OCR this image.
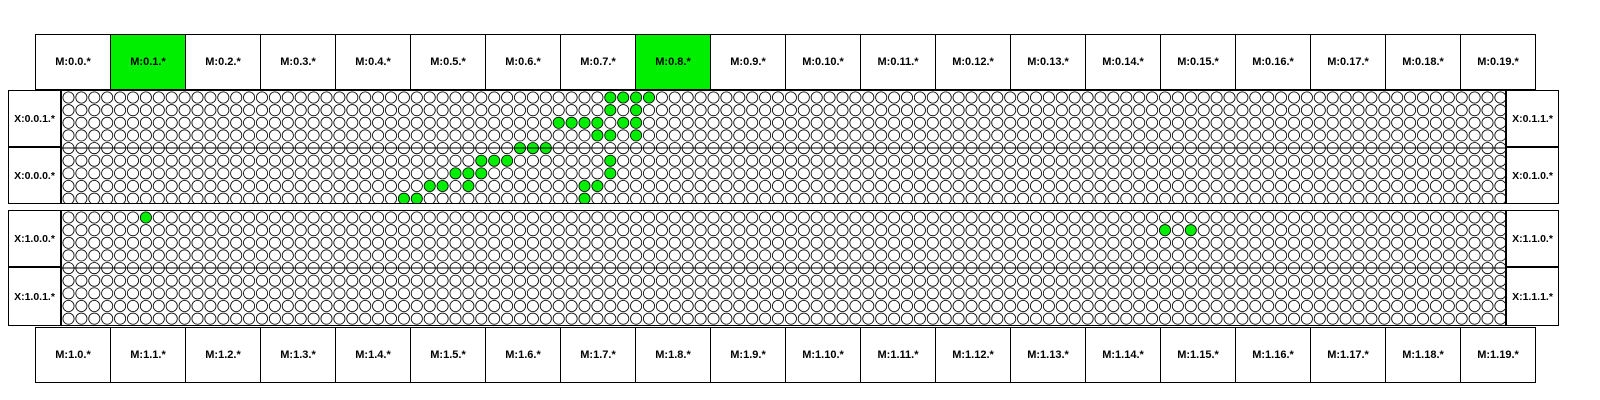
M:0.0.*	M:0.1.*	M:0.2.*	M:0.3.*	M:0.4.*	M:0.5.*	M:0.6.*	M:0.7.*	M:0.8.*	M:0.9.*	M:0.10.*	M:0.11.*	M:0.12.*	M:0.13.*	M:0.14.*	M:0.15.*	M:0.16.*	M:0.17.*	M:0.18.*	M:0.19.*
M:1.0.*	M:1.1.*	M:1.2.*	M:1.3.*	M:1.4.*	M:1.5.*	M:1.6.*	M:1.7.*	M:1.8.*	M:1.9.*	M:1.10.*	M:1.11.*	M:1.12.*	M:1.13.*	M:1.14.*	M:1.15.*	M:1.16.*	M:1.17.*	M:1.18.*	M:1.19.*
X:0.0.1.*
X:0.0.0.*
X:1.0.0.*
X:1.0.1.*
X:0.1.1.*
X:0.1.0.*
X:1.1.0.*
X:1.1.1.*
